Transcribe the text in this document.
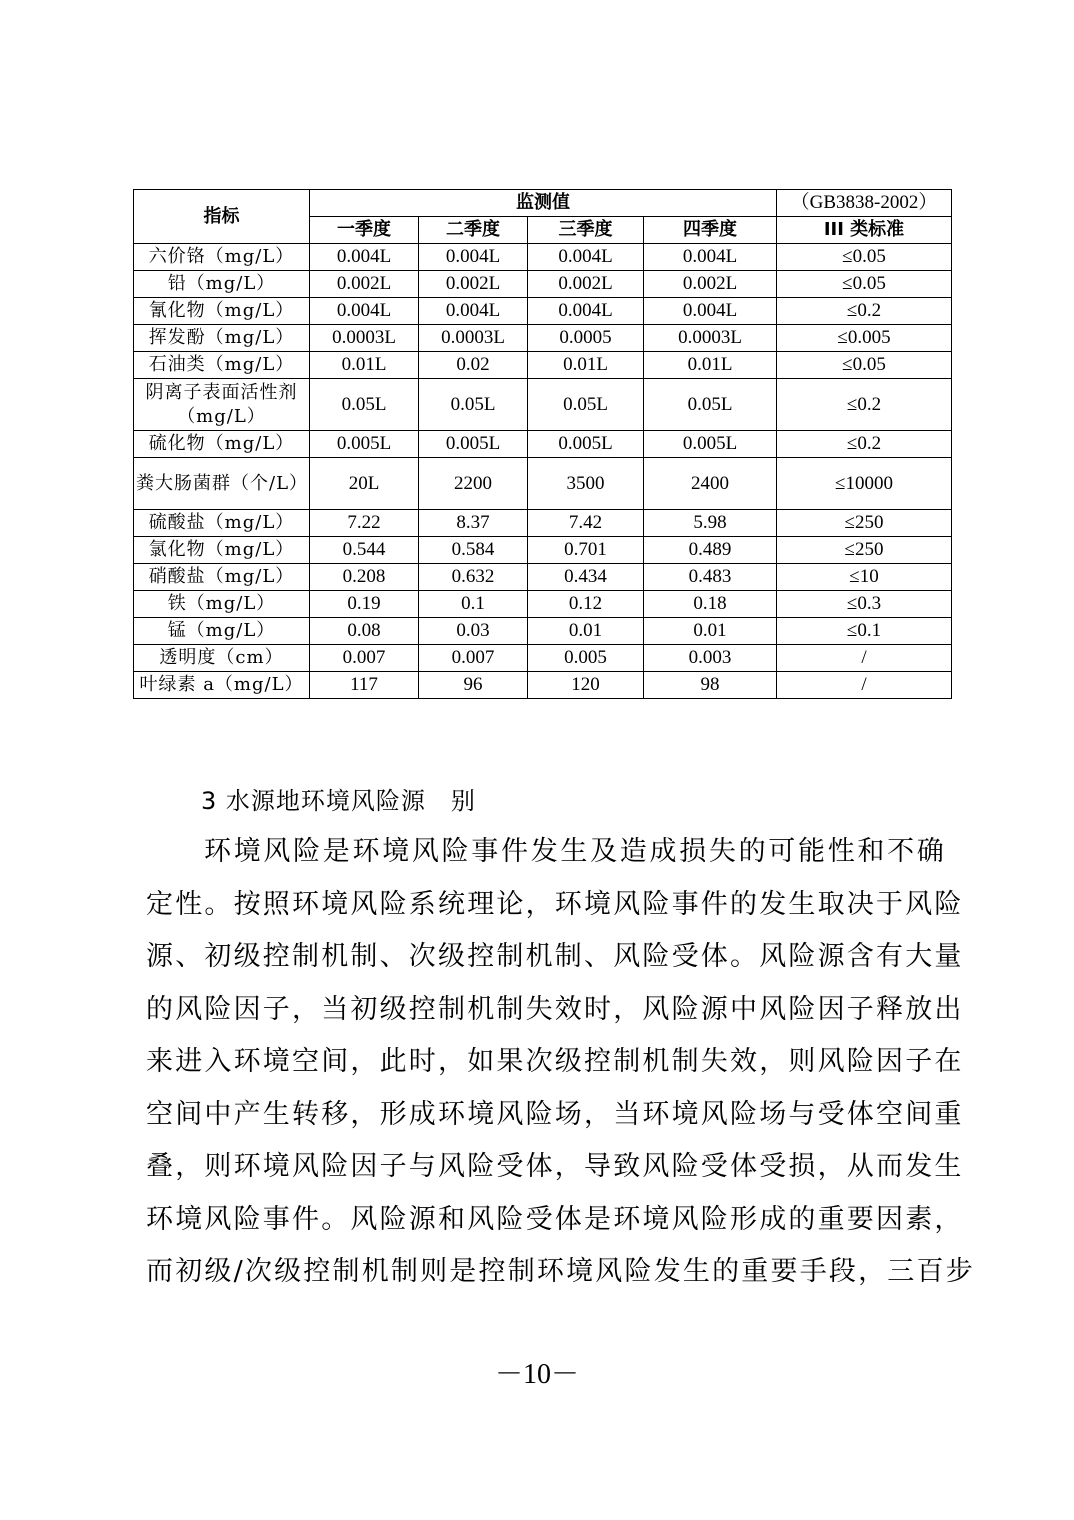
指标	监测值				（GB3838-2002）
	一季度	二季度	三季度	四季度	III 类标准
六价铬（mg/L）	0.004L	0.004L	0.004L	0.004L	≤0.05
铅（mg/L）	0.002L	0.002L	0.002L	0.002L	≤0.05
氰化物（mg/L）	0.004L	0.004L	0.004L	0.004L	≤0.2
挥发酚（mg/L）	0.0003L	0.0003L	0.0005	0.0003L	≤0.005
石油类（mg/L）	0.01L	0.02	0.01L	0.01L	≤0.05
阴离子表面活性剂（mg/L）	0.05L	0.05L	0.05L	0.05L	≤0.2
硫化物（mg/L）	0.005L	0.005L	0.005L	0.005L	≤0.2
粪大肠菌群（个/L）	20L	2200	3500	2400	≤10000
硫酸盐（mg/L）	7.22	8.37	7.42	5.98	≤250
氯化物（mg/L）	0.544	0.584	0.701	0.489	≤250
硝酸盐（mg/L）	0.208	0.632	0.434	0.483	≤10
铁（mg/L）	0.19	0.1	0.12	0.18	≤0.3
锰（mg/L）	0.08	0.03	0.01	0.01	≤0.1
透明度（cm）	0.007	0.007	0.005	0.003	/
叶绿素 a（mg/L）	117	96	120	98	/
3 水源地环境风险源　别
环境风险是环境风险事件发生及造成损失的可能性和不确
定性。按照环境风险系统理论，环境风险事件的发生取决于风险
源、初级控制机制、次级控制机制、风险受体。风险源含有大量
的风险因子，当初级控制机制失效时，风险源中风险因子释放出
来进入环境空间，此时，如果次级控制机制失效，则风险因子在
空间中产生转移，形成环境风险场，当环境风险场与受体空间重
叠，则环境风险因子与风险受体，导致风险受体受损，从而发生
环境风险事件。风险源和风险受体是环境风险形成的重要因素，
而初级/次级控制机制则是控制环境风险发生的重要手段，三百步
－10－
